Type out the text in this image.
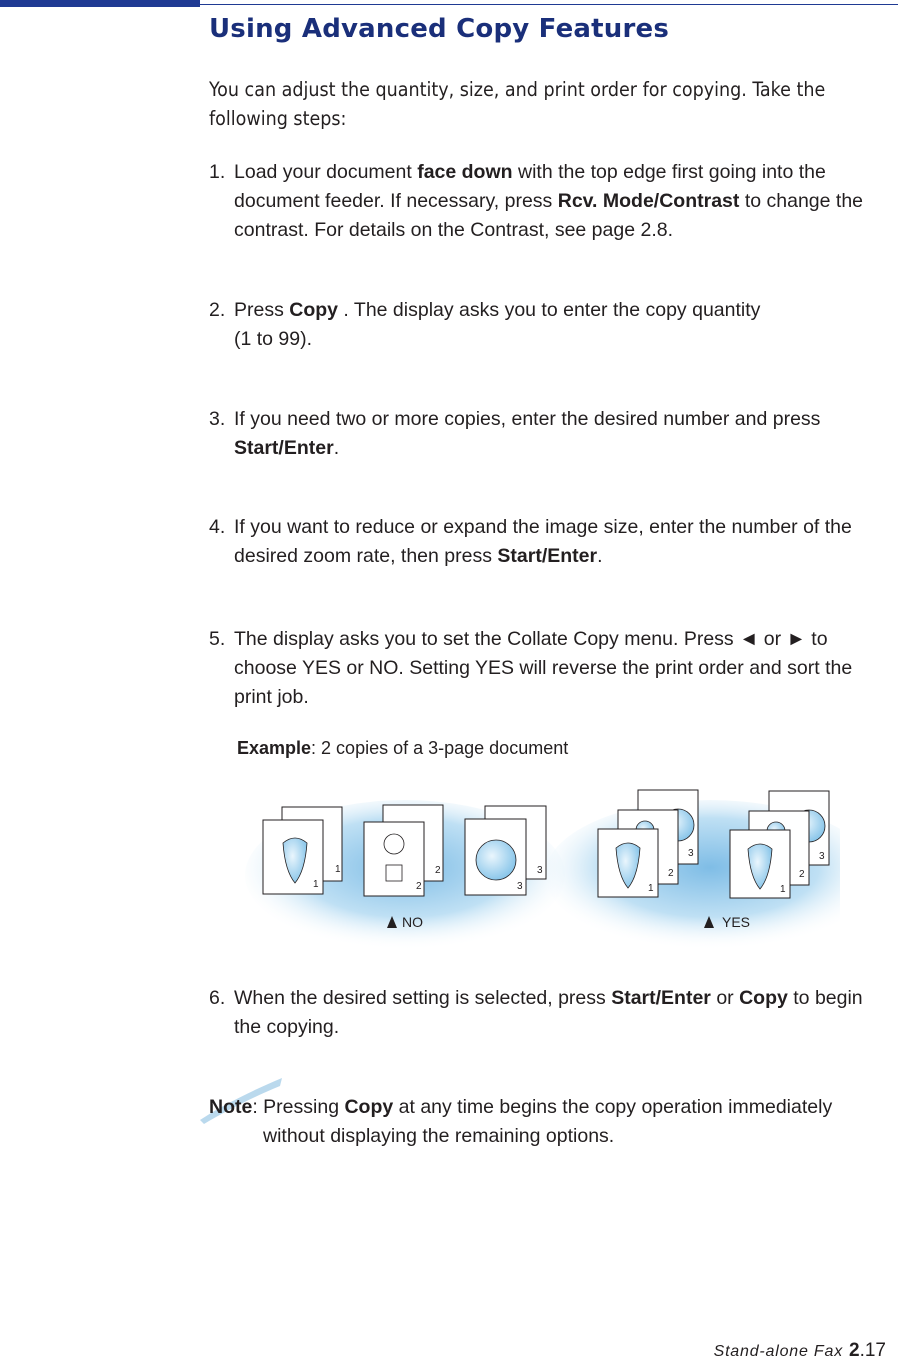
Using Advanced Copy Features
You can adjust the quantity, size, and print order for copying. Take the following steps:
1. Load your document face down with the top edge first going into the document feeder. If necessary, press Rcv. Mode/Contrast to change the contrast. For details on the Contrast, see page 2.8.
2. Press Copy . The display asks you to enter the copy quantity
(1 to 99).
3. If you need two or more copies, enter the desired number and press Start/Enter.
4. If you want to reduce or expand the image size, enter the number of the desired zoom rate, then press Start/Enter.
5. The display asks you to set the Collate Copy menu. Press ◄ or ► to choose YES or NO. Setting YES will reverse the print order and sort the print job.
Example: 2 copies of a 3-page document
1
1
2
2
3
3
3
2
1
3
2
1
NO	YES
6. When the desired setting is selected, press Start/Enter or Copy to begin the copying.
Note: Pressing Copy at any time begins the copy operation immediately without displaying the remaining options.
Stand-alone Fax 2.17
